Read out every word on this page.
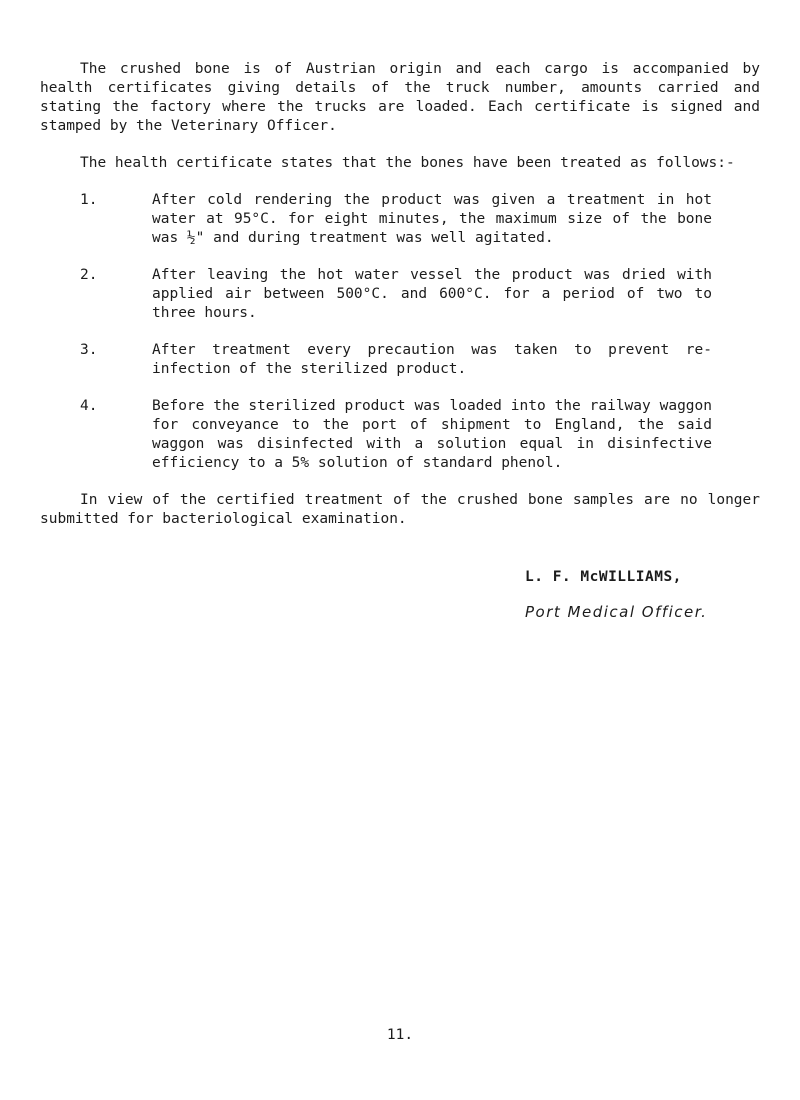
The crushed bone is of Austrian origin and each cargo is accompanied by health certificates giving details of the truck number, amounts carried and stating the factory where the trucks are loaded. Each certificate is signed and stamped by the Veterinary Officer.

The health certificate states that the bones have been treated as follows:-

1.	After cold rendering the product was given a treatment in hot water at 95°C. for eight minutes, the maximum size of the bone was ½" and during treatment was well agitated.
2.	After leaving the hot water vessel the product was dried with applied air between 500°C. and 600°C. for a period of two to three hours.
3.	After treatment every precaution was taken to prevent re-infection of the sterilized product.
4.	Before the sterilized product was loaded into the railway waggon for conveyance to the port of shipment to England, the said waggon was disinfected with a solution equal in disinfective efficiency to a 5% solution of standard phenol.

In view of the certified treatment of the crushed bone samples are no longer submitted for bacteriological examination.

L. F. McWILLIAMS,
Port Medical Officer.
11.
